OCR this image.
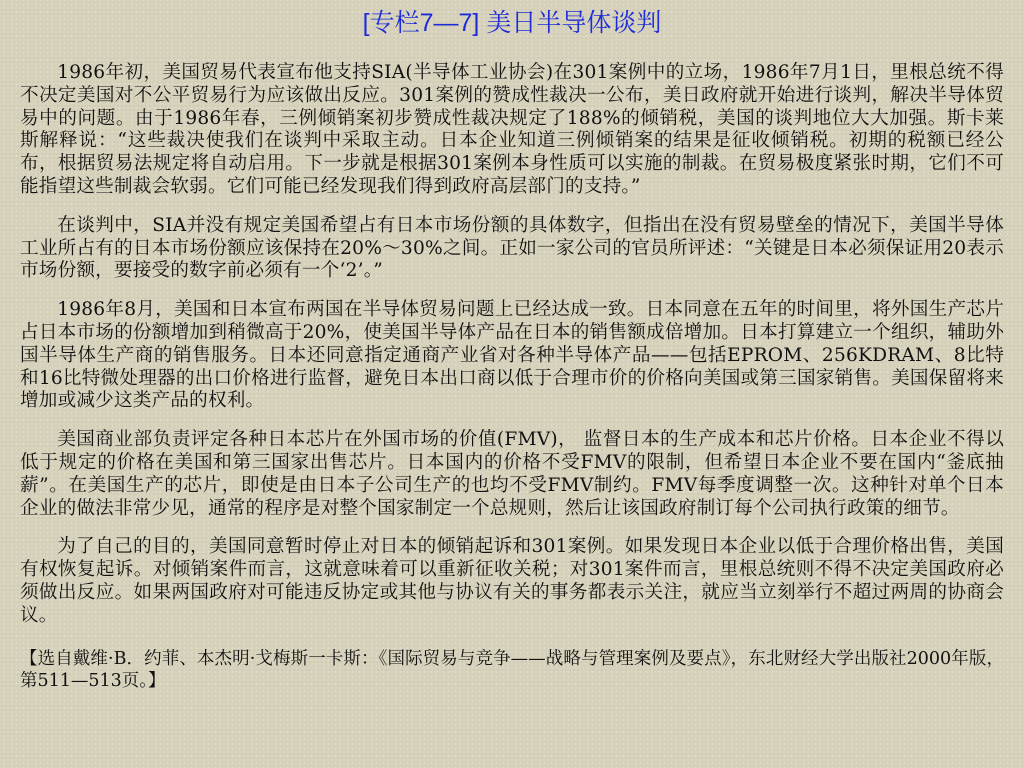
[专栏7—7] 美日半导体谈判

1986年初，美国贸易代表宣布他支持SIA(半导体工业协会)在301案例中的立场，1986年7月1日，里根总统不得不决定美国对不公平贸易行为应该做出反应。301案例的赞成性裁决一公布，美日政府就开始进行谈判，解决半导体贸易中的问题。由于1986年春，三例倾销案初步赞成性裁决规定了188%的倾销税，美国的谈判地位大大加强。斯卡莱斯解释说：“这些裁决使我们在谈判中采取主动。日本企业知道三例倾销案的结果是征收倾销税。初期的税额已经公布，根据贸易法规定将自动启用。下一步就是根据301案例本身性质可以实施的制裁。在贸易极度紧张时期，它们不可能指望这些制裁会软弱。它们可能已经发现我们得到政府高层部门的支持。”

在谈判中，SIA并没有规定美国希望占有日本市场份额的具体数字，但指出在没有贸易壁垒的情况下，美国半导体工业所占有的日本市场份额应该保持在20%～30%之间。正如一家公司的官员所评述：“关键是日本必须保证用20表示市场份额，要接受的数字前必须有一个‘2’。”

1986年8月，美国和日本宣布两国在半导体贸易问题上已经达成一致。日本同意在五年的时间里，将外国生产芯片占日本市场的份额增加到稍微高于20%，使美国半导体产品在日本的销售额成倍增加。日本打算建立一个组织，辅助外国半导体生产商的销售服务。日本还同意指定通商产业省对各种半导体产品——包括EPROM、256KDRAM、8比特和16比特微处理器的出口价格进行监督，避免日本出口商以低于合理市价的价格向美国或第三国家销售。美国保留将来增加或减少这类产品的权利。

美国商业部负责评定各种日本芯片在外国市场的价值(FMV)， 监督日本的生产成本和芯片价格。日本企业不得以低于规定的价格在美国和第三国家出售芯片。日本国内的价格不受FMV的限制，但希望日本企业不要在国内“釜底抽薪”。在美国生产的芯片，即使是由日本子公司生产的也均不受FMV制约。FMV每季度调整一次。这种针对单个日本企业的做法非常少见，通常的程序是对整个国家制定一个总规则，然后让该国政府制订每个公司执行政策的细节。

为了自己的目的，美国同意暂时停止对日本的倾销起诉和301案例。如果发现日本企业以低于合理价格出售，美国有权恢复起诉。对倾销案件而言，这就意味着可以重新征收关税；对301案件而言，里根总统则不得不决定美国政府必须做出反应。如果两国政府对可能违反协定或其他与协议有关的事务都表示关注，就应当立刻举行不超过两周的协商会议。

【选自戴维·B．约菲、本杰明·戈梅斯一卡斯：《国际贸易与竞争——战略与管理案例及要点》，东北财经大学出版社2000年版，第511—513页。】
